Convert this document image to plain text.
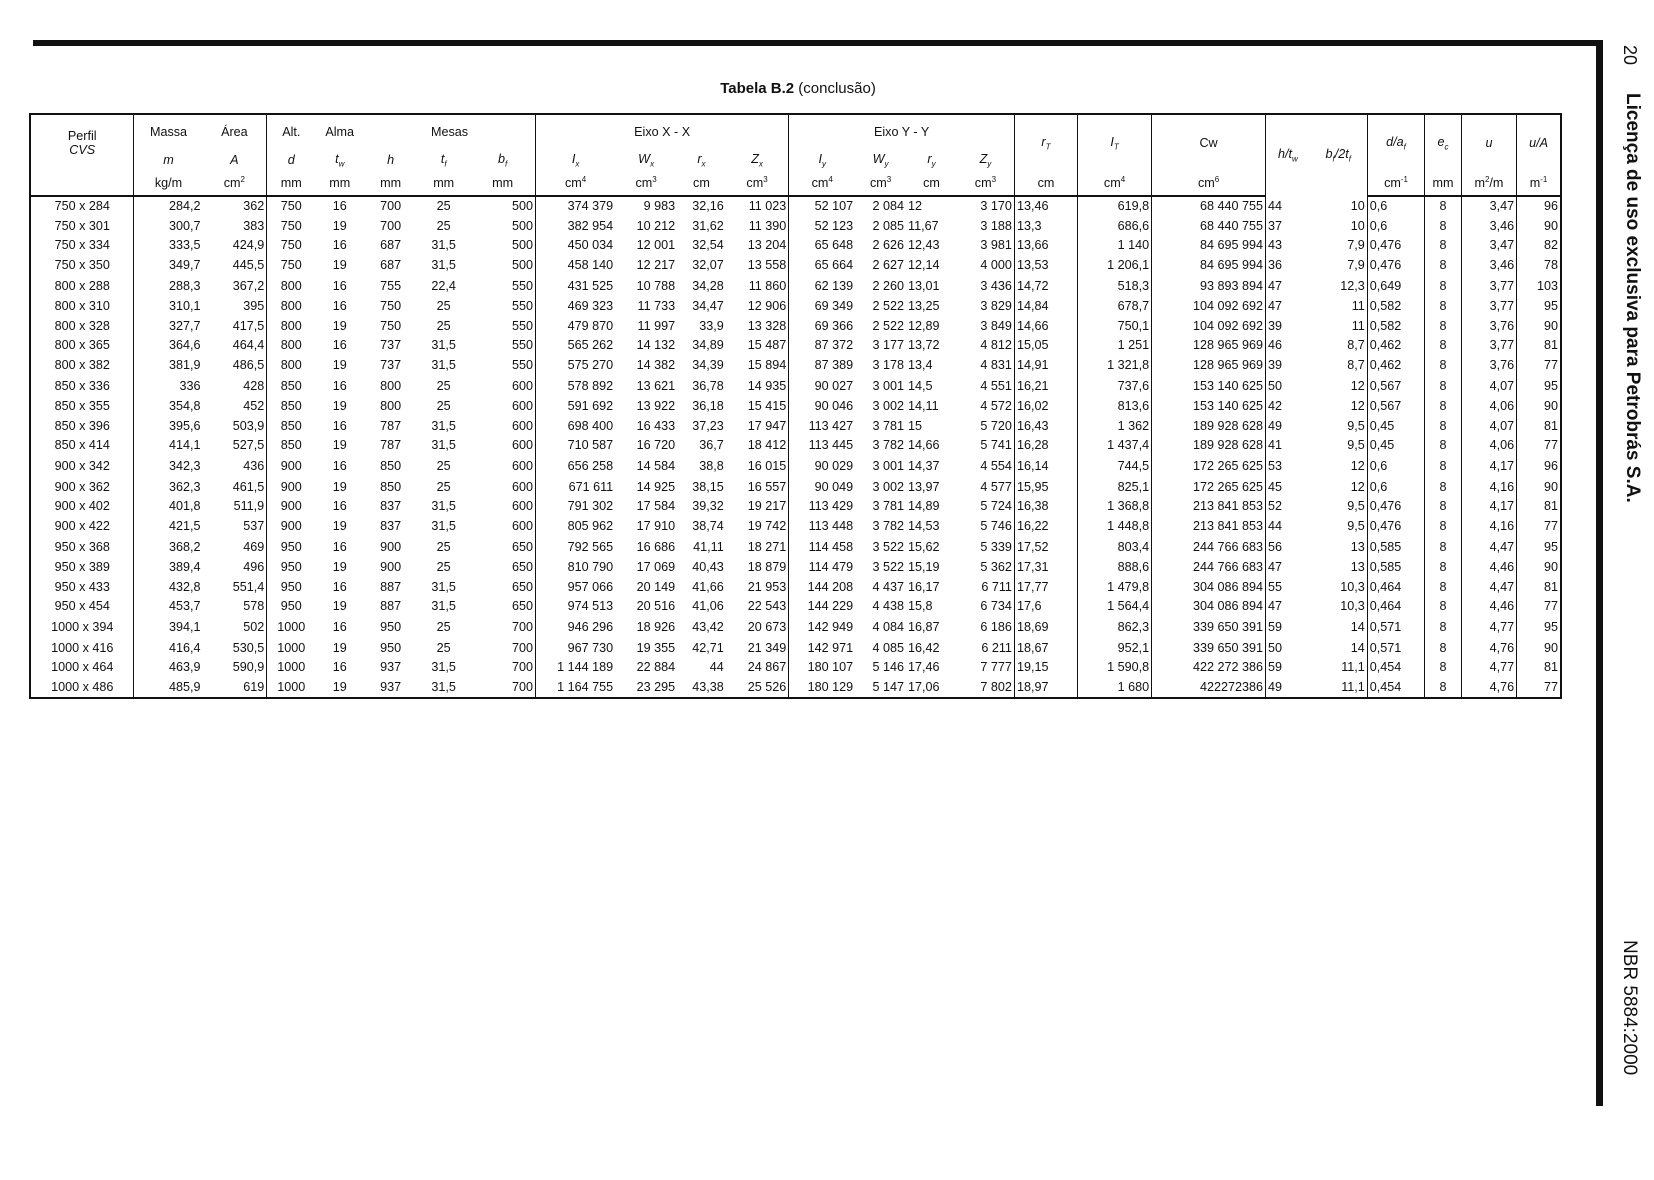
20
Licença de uso exclusiva para Petrobrás S.A.
NBR 5884:2000
Tabela B.2 (conclusão)
Perfil
CVS	Massa	Área	Alt.	Alma	Mesas			Eixo X - X				Eixo Y - Y				$r_T$	$I_T$	Cw	$h/t_w$	$b_f/2t_f$	$d/a_f$	$e_c$	u	u/A
	m	A	d	$t_w$	h	$t_f$	$b_f$	$I_x$	$W_x$	$r_x$	$Z_x$	$I_y$	$W_y$	$r_y$	$Z_y$
	kg/m	$cm^2$	mm	mm	mm	mm	mm	$cm^4$	$cm^3$	cm	$cm^3$	$cm^4$	$cm^3$	cm	$cm^3$	cm	$cm^4$	$cm^6$			$cm^{-1}$	mm	$m^2/m$	$m^{-1}$
750 x 284	284,2	362	750	16	700	25	500	374 379	9 983	32,16	11 023	52 107	2 084	12	3 170	13,46	619,8	68 440 755	44	10	0,6	8	3,47	96
750 x 301	300,7	383	750	19	700	25	500	382 954	10 212	31,62	11 390	52 123	2 085	11,67	3 188	13,3	686,6	68 440 755	37	10	0,6	8	3,46	90
750 x 334	333,5	424,9	750	16	687	31,5	500	450 034	12 001	32,54	13 204	65 648	2 626	12,43	3 981	13,66	1 140	84 695 994	43	7,9	0,476	8	3,47	82
750 x 350	349,7	445,5	750	19	687	31,5	500	458 140	12 217	32,07	13 558	65 664	2 627	12,14	4 000	13,53	1 206,1	84 695 994	36	7,9	0,476	8	3,46	78
800 x 288	288,3	367,2	800	16	755	22,4	550	431 525	10 788	34,28	11 860	62 139	2 260	13,01	3 436	14,72	518,3	93 893 894	47	12,3	0,649	8	3,77	103
800 x 310	310,1	395	800	16	750	25	550	469 323	11 733	34,47	12 906	69 349	2 522	13,25	3 829	14,84	678,7	104 092 692	47	11	0,582	8	3,77	95
800 x 328	327,7	417,5	800	19	750	25	550	479 870	11 997	33,9	13 328	69 366	2 522	12,89	3 849	14,66	750,1	104 092 692	39	11	0,582	8	3,76	90
800 x 365	364,6	464,4	800	16	737	31,5	550	565 262	14 132	34,89	15 487	87 372	3 177	13,72	4 812	15,05	1 251	128 965 969	46	8,7	0,462	8	3,77	81
800 x 382	381,9	486,5	800	19	737	31,5	550	575 270	14 382	34,39	15 894	87 389	3 178	13,4	4 831	14,91	1 321,8	128 965 969	39	8,7	0,462	8	3,76	77
850 x 336	336	428	850	16	800	25	600	578 892	13 621	36,78	14 935	90 027	3 001	14,5	4 551	16,21	737,6	153 140 625	50	12	0,567	8	4,07	95
850 x 355	354,8	452	850	19	800	25	600	591 692	13 922	36,18	15 415	90 046	3 002	14,11	4 572	16,02	813,6	153 140 625	42	12	0,567	8	4,06	90
850 x 396	395,6	503,9	850	16	787	31,5	600	698 400	16 433	37,23	17 947	113 427	3 781	15	5 720	16,43	1 362	189 928 628	49	9,5	0,45	8	4,07	81
850 x 414	414,1	527,5	850	19	787	31,5	600	710 587	16 720	36,7	18 412	113 445	3 782	14,66	5 741	16,28	1 437,4	189 928 628	41	9,5	0,45	8	4,06	77
900 x 342	342,3	436	900	16	850	25	600	656 258	14 584	38,8	16 015	90 029	3 001	14,37	4 554	16,14	744,5	172 265 625	53	12	0,6	8	4,17	96
900 x 362	362,3	461,5	900	19	850	25	600	671 611	14 925	38,15	16 557	90 049	3 002	13,97	4 577	15,95	825,1	172 265 625	45	12	0,6	8	4,16	90
900 x 402	401,8	511,9	900	16	837	31,5	600	791 302	17 584	39,32	19 217	113 429	3 781	14,89	5 724	16,38	1 368,8	213 841 853	52	9,5	0,476	8	4,17	81
900 x 422	421,5	537	900	19	837	31,5	600	805 962	17 910	38,74	19 742	113 448	3 782	14,53	5 746	16,22	1 448,8	213 841 853	44	9,5	0,476	8	4,16	77
950 x 368	368,2	469	950	16	900	25	650	792 565	16 686	41,11	18 271	114 458	3 522	15,62	5 339	17,52	803,4	244 766 683	56	13	0,585	8	4,47	95
950 x 389	389,4	496	950	19	900	25	650	810 790	17 069	40,43	18 879	114 479	3 522	15,19	5 362	17,31	888,6	244 766 683	47	13	0,585	8	4,46	90
950 x 433	432,8	551,4	950	16	887	31,5	650	957 066	20 149	41,66	21 953	144 208	4 437	16,17	6 711	17,77	1 479,8	304 086 894	55	10,3	0,464	8	4,47	81
950 x 454	453,7	578	950	19	887	31,5	650	974 513	20 516	41,06	22 543	144 229	4 438	15,8	6 734	17,6	1 564,4	304 086 894	47	10,3	0,464	8	4,46	77
1000 x 394	394,1	502	1000	16	950	25	700	946 296	18 926	43,42	20 673	142 949	4 084	16,87	6 186	18,69	862,3	339 650 391	59	14	0,571	8	4,77	95
1000 x 416	416,4	530,5	1000	19	950	25	700	967 730	19 355	42,71	21 349	142 971	4 085	16,42	6 211	18,67	952,1	339 650 391	50	14	0,571	8	4,76	90
1000 x 464	463,9	590,9	1000	16	937	31,5	700	1 144 189	22 884	44	24 867	180 107	5 146	17,46	7 777	19,15	1 590,8	422 272 386	59	11,1	0,454	8	4,77	81
1000 x 486	485,9	619	1000	19	937	31,5	700	1 164 755	23 295	43,38	25 526	180 129	5 147	17,06	7 802	18,97	1 680	422272386	49	11,1	0,454	8	4,76	77
